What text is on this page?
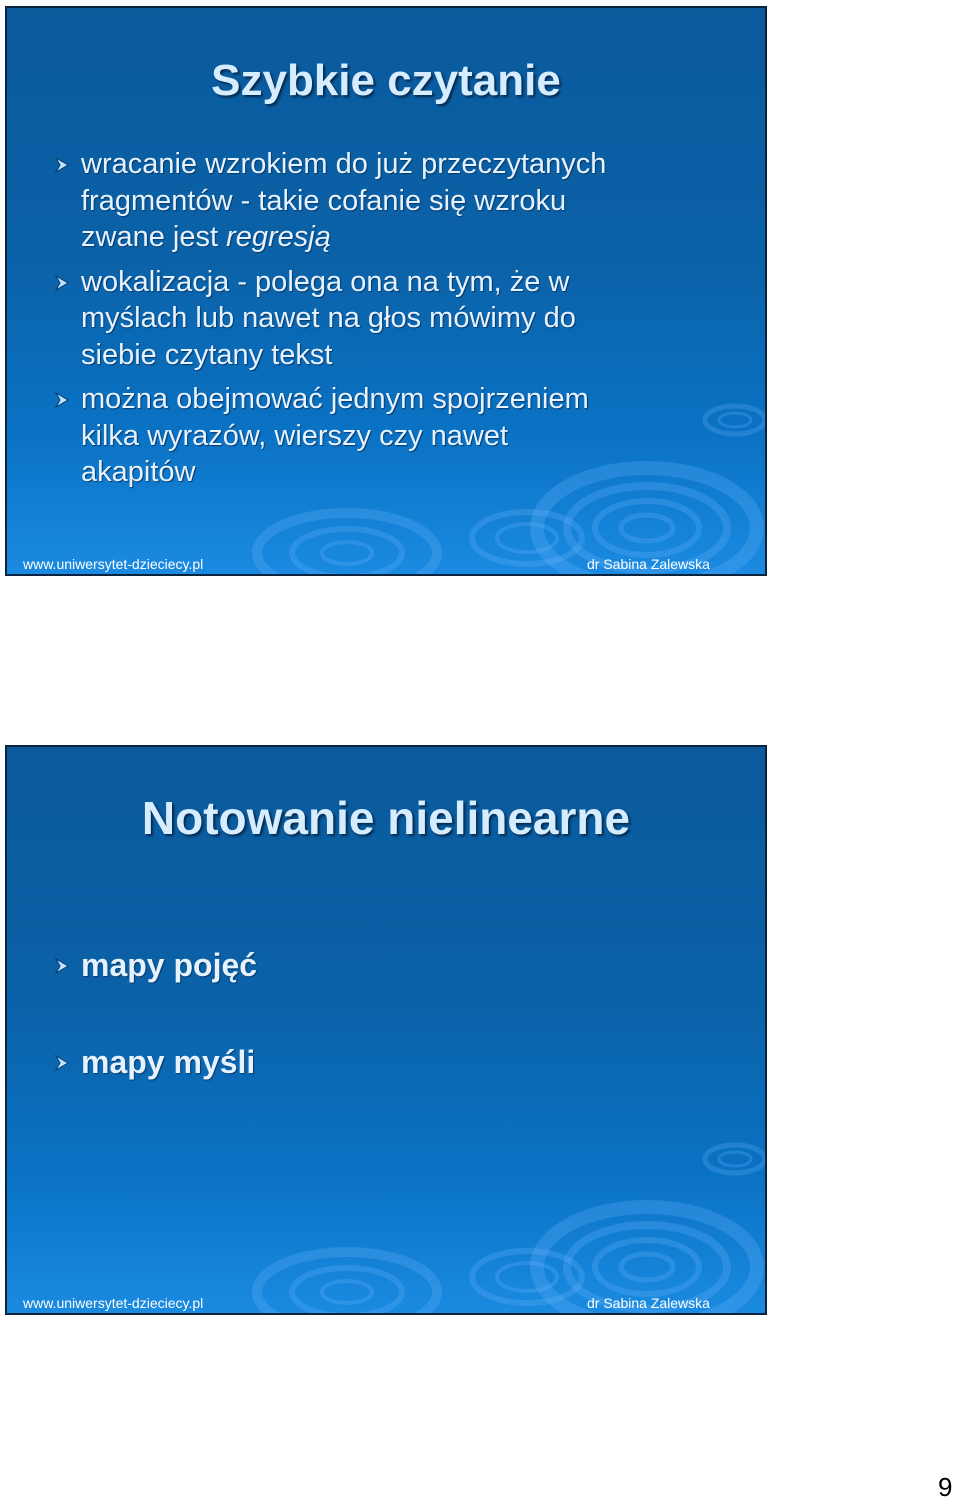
Szybkie czytanie
wracanie wzrokiem do już przeczytanych
fragmentów - takie cofanie się wzroku
zwane jest regresją
wokalizacja - polega ona na tym, że w
myślach lub nawet na głos mówimy do
siebie czytany tekst
można obejmować jednym spojrzeniem
kilka wyrazów, wierszy czy nawet
akapitów
www.uniwersytet-dzieciecy.pl	dr Sabina Zalewska
Notowanie nielinearne
mapy pojęć
mapy myśli
www.uniwersytet-dzieciecy.pl	dr Sabina Zalewska
9
